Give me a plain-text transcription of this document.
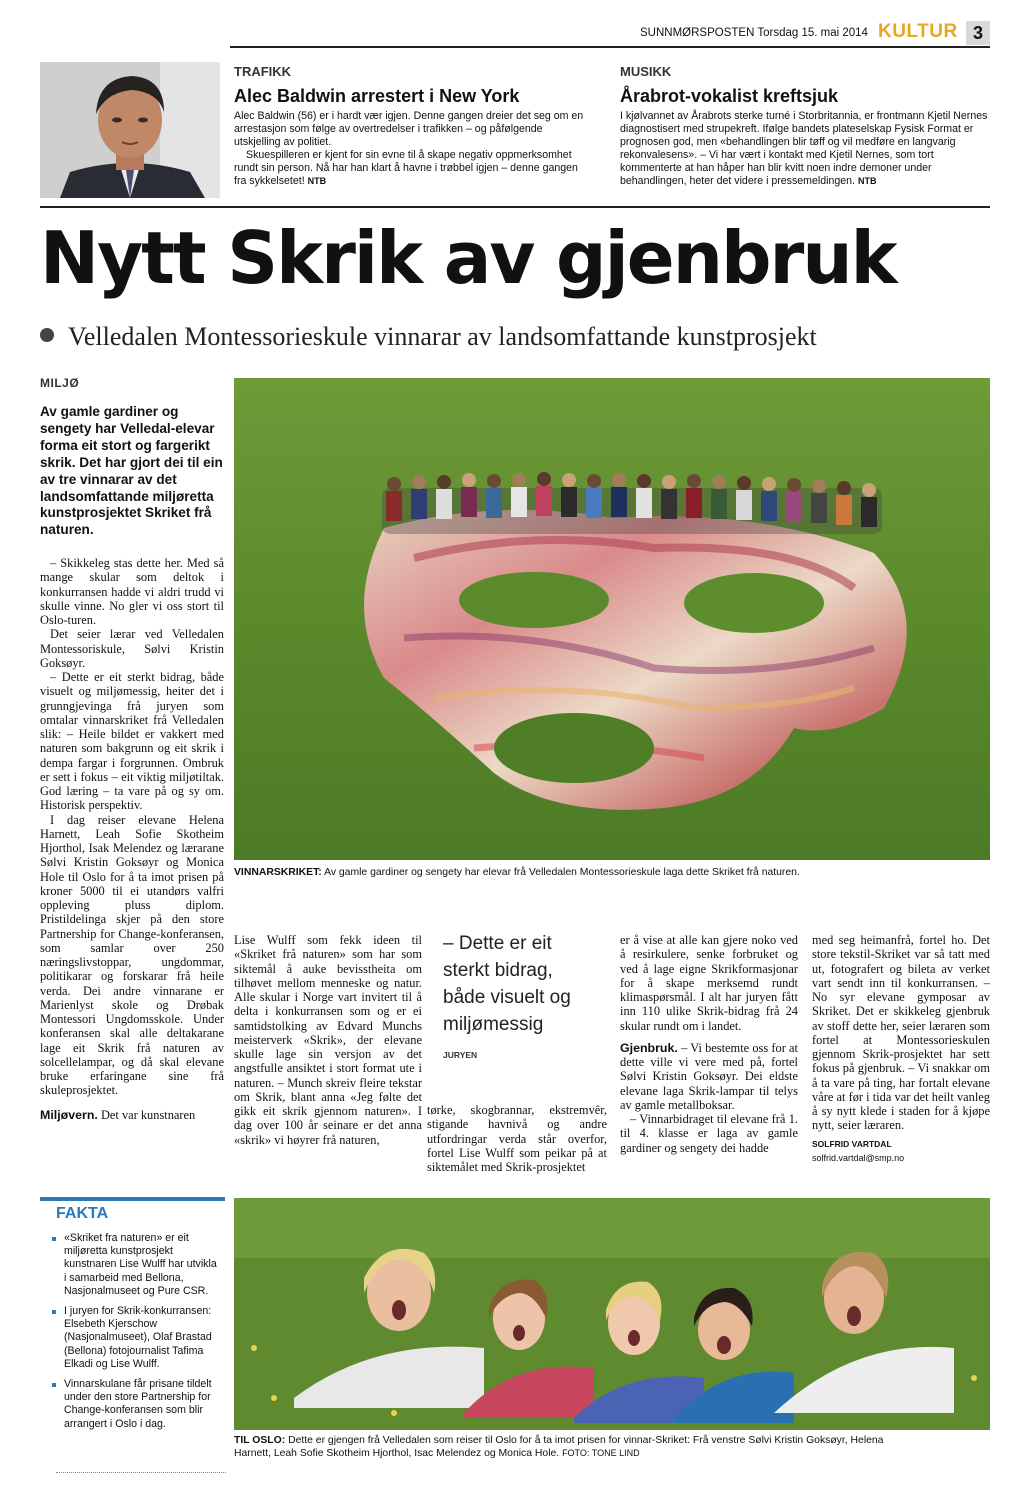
SUNNMØRSPOSTEN Torsdag 15. mai 2014 KULTUR 3
TRAFIKK
Alec Baldwin arrestert i New York

Alec Baldwin (56) er i hardt vær igjen. Denne gangen dreier det seg om en arrestasjon som følge av overtredelser i trafikken – og påfølgende utskjelling av politiet.

Skuespilleren er kjent for sin evne til å skape negativ oppmerksomhet rundt sin person. Nå har han klart å havne i trøbbel igjen – denne gangen fra sykkelsetet! NTB

MUSIKK
Årabrot-vokalist kreftsjuk

I kjølvannet av Årabrots sterke turné i Storbritannia, er frontmann Kjetil Nernes diagnostisert med strupekreft. Ifølge bandets plateselskap Fysisk Format er prognosen god, men «behandlingen blir tøff og vil medføre en langvarig rekonvalesens». – Vi har vært i kontakt med Kjetil Nernes, som tort kommenterte at han håper han blir kvitt noen indre demoner under behandlingen, heter det videre i pressemeldingen. NTB

Nytt Skrik av gjenbruk
Velledalen Montessorieskule vinnarar av landsomfattande kunstprosjekt
MILJØ
Av gamle gardiner og sengety har Velledal-elevar forma eit stort og fargerikt skrik. Det har gjort dei til ein av tre vinnarar av det landsomfattande miljøretta kunstprosjektet Skriket frå naturen.

– Skikkeleg stas dette her. Med så mange skular som deltok i konkurransen hadde vi aldri trudd vi skulle vinne. No gler vi oss stort til Oslo-turen.

Det seier lærar ved Velledalen Montessoriskule, Sølvi Kristin Goksøyr.

– Dette er eit sterkt bidrag, både visuelt og miljømessig, heiter det i grunngjevinga frå juryen som omtalar vinnarskriket frå Velledalen slik: – Heile bildet er vakkert med naturen som bakgrunn og eit skrik i dempa fargar i forgrunnen. Ombruk er sett i fokus – eit viktig miljøtiltak. God læring – ta vare på og sy om. Historisk perspektiv.

I dag reiser elevane Helena Harnett, Leah Sofie Skotheim Hjorthol, Isak Melendez og lærarane Sølvi Kristin Goksøyr og Monica Hole til Oslo for å ta imot prisen på kroner 5000 til ei utandørs valfri oppleving pluss diplom. Pristildelinga skjer på den store Partnership for Change-konferansen, som samlar over 250 næringslivstoppar, ungdommar, politikarar og forskarar frå heile verda. Dei andre vinnarane er Marienlyst skole og Drøbak Montessori Ungdomsskole. Under konferansen skal alle deltakarane lage eit Skrik frå naturen av solcellelampar, og då skal elevane bruke erfaringane sine frå skuleprosjektet.

Miljøvern. Det var kunstnaren

VINNARSKRIKET: Av gamle gardiner og sengety har elevar frå Velledalen Montessorieskule laga dette Skriket frå naturen.

Lise Wulff som fekk ideen til «Skriket frå naturen» som har som siktemål å auke bevisstheita om tilhøvet mellom menneske og natur. Alle skular i Norge vart invitert til å delta i konkurransen som og er ei samtidstolking av Edvard Munchs meisterverk «Skrik», der elevane skulle lage sin versjon av det angstfulle ansiktet i stort format ute i naturen. – Munch skreiv fleire tekstar om Skrik, blant anna «Jeg følte det gikk eit skrik gjennom naturen». I dag over 100 år seinare er det anna «skrik» vi høyrer frå naturen,

– Dette er eit sterkt bidrag, både visuelt og miljømessig
JURYEN

tørke, skogbrannar, ekstremvêr, stigande havnivå og andre utfordringar verda står overfor, fortel Lise Wulff som peikar på at siktemålet med Skrik-prosjektet

er å vise at alle kan gjere noko ved å resirkulere, senke forbruket og ved å lage eigne Skrikformasjonar for å skape merksemd rundt klimaspørsmål. I alt har juryen fått inn 110 ulike Skrik-bidrag frå 24 skular rundt om i landet.

Gjenbruk. – Vi bestemte oss for at dette ville vi vere med på, fortel Sølvi Kristin Goksøyr. Dei eldste elevane laga Skrik-lampar til telys av gamle metallboksar.

– Vinnarbidraget til elevane frå 1. til 4. klasse er laga av gamle gardiner og sengety dei hadde

med seg heimanfrå, fortel ho. Det store tekstil-Skriket var så tatt med ut, fotografert og bileta av verket vart sendt inn til konkurransen. – No syr elevane gymposar av Skriket. Det er skikkeleg gjenbruk av stoff dette her, seier læraren som fortel at Montessorieskulen gjennom Skrik-prosjektet har sett fokus på gjenbruk. – Vi snakkar om å ta vare på ting, har fortalt elevane våre at før i tida var det heilt vanleg å sy nytt klede i staden for å kjøpe nytt, seier læraren.

SOLFRID VARTDAL
solfrid.vartdal@smp.no
FAKTA
«Skriket fra naturen» er eit miljøretta kunstprosjekt kunstnaren Lise Wulff har utvikla i samarbeid med Bellona, Nasjonalmuseet og Pure CSR.
I juryen for Skrik-konkurransen: Elsebeth Kjerschow (Nasjonalmuseet), Olaf Brastad (Bellona) fotojournalist Tafima Elkadi og Lise Wulff.
Vinnarskulane får prisane tildelt under den store Partnership for Change-konferansen som blir arrangert i Oslo i dag.
TIL OSLO: Dette er gjengen frå Velledalen som reiser til Oslo for å ta imot prisen for vinnar-Skriket: Frå venstre Sølvi Kristin Goksøyr, Helena
Harnett, Leah Sofie Skotheim Hjorthol, Isac Melendez og Monica Hole. FOTO: TONE LIND
